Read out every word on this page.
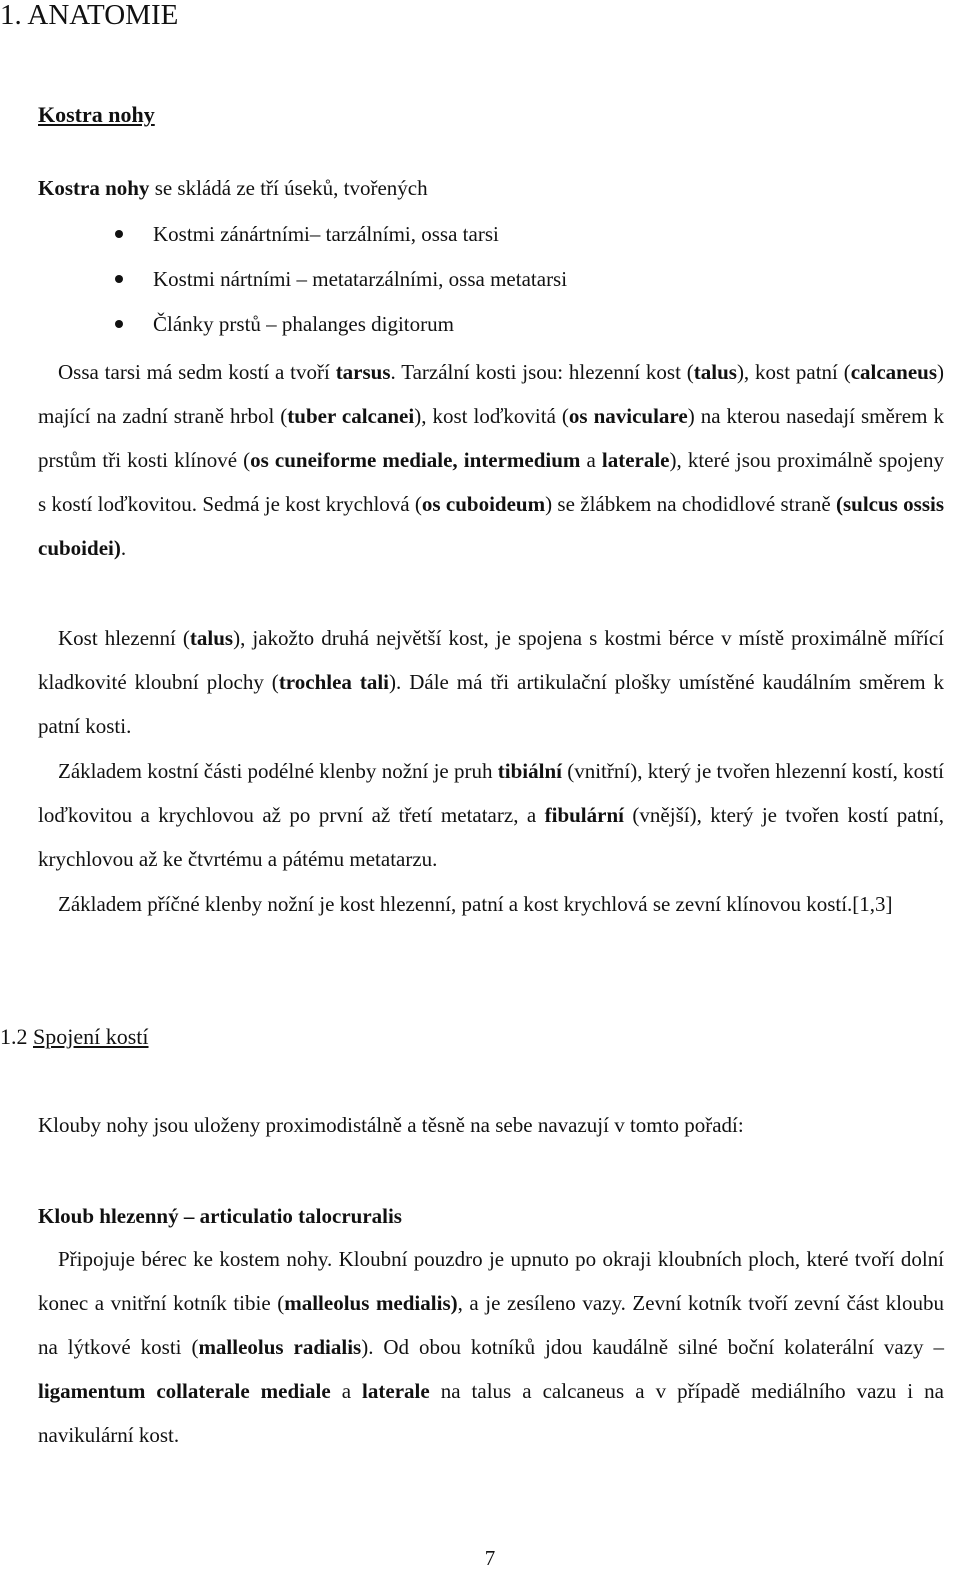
1. ANATOMIE
Kostra nohy

Kostra nohy se skládá ze tří úseků, tvořených

Kostmi zánártními– tarzálními, ossa tarsi
Kostmi nártními – metatarzálními, ossa metatarsi
Články prstů – phalanges digitorum

Ossa tarsi má sedm kostí a tvoří tarsus. Tarzální kosti jsou: hlezenní kost (talus), kost patní (calcaneus) mající na zadní straně hrbol (tuber calcanei), kost loďkovitá (os naviculare) na kterou nasedají směrem k prstům tři kosti klínové (os cuneiforme mediale, intermedium a laterale), které jsou proximálně spojeny s kostí loďkovitou. Sedmá je kost krychlová (os cuboideum) se žlábkem na chodidlové straně (sulcus ossis cuboidei).

Kost hlezenní (talus), jakožto druhá největší kost, je spojena s kostmi bérce v místě proximálně mířící kladkovité kloubní plochy (trochlea tali). Dále má tři artikulační plošky umístěné kaudálním směrem k patní kosti.

Základem kostní části podélné klenby nožní je pruh tibiální (vnitřní), který je tvořen hlezenní kostí, kostí loďkovitou a krychlovou až po první až třetí metatarz, a fibulární (vnější), který je tvořen kostí patní, krychlovou až ke čtvrtému a pátému metatarzu.

Základem příčné klenby nožní je kost hlezenní, patní a kost krychlová se zevní klínovou kostí.[1,3]

1.2 Spojení kostí

Klouby nohy jsou uloženy proximodistálně a těsně na sebe navazují v tomto pořadí:

Kloub hlezenný – articulatio talocruralis

Připojuje bérec ke kostem nohy. Kloubní pouzdro je upnuto po okraji kloubních ploch, které tvoří dolní konec a vnitřní kotník tibie (malleolus medialis), a je zesíleno vazy. Zevní kotník tvoří zevní část kloubu na lýtkové kosti (malleolus radialis). Od obou kotníků jdou kaudálně silné boční kolaterální vazy – ligamentum collaterale mediale a laterale na talus a calcaneus a v případě mediálního vazu i na navikulární kost.

7
